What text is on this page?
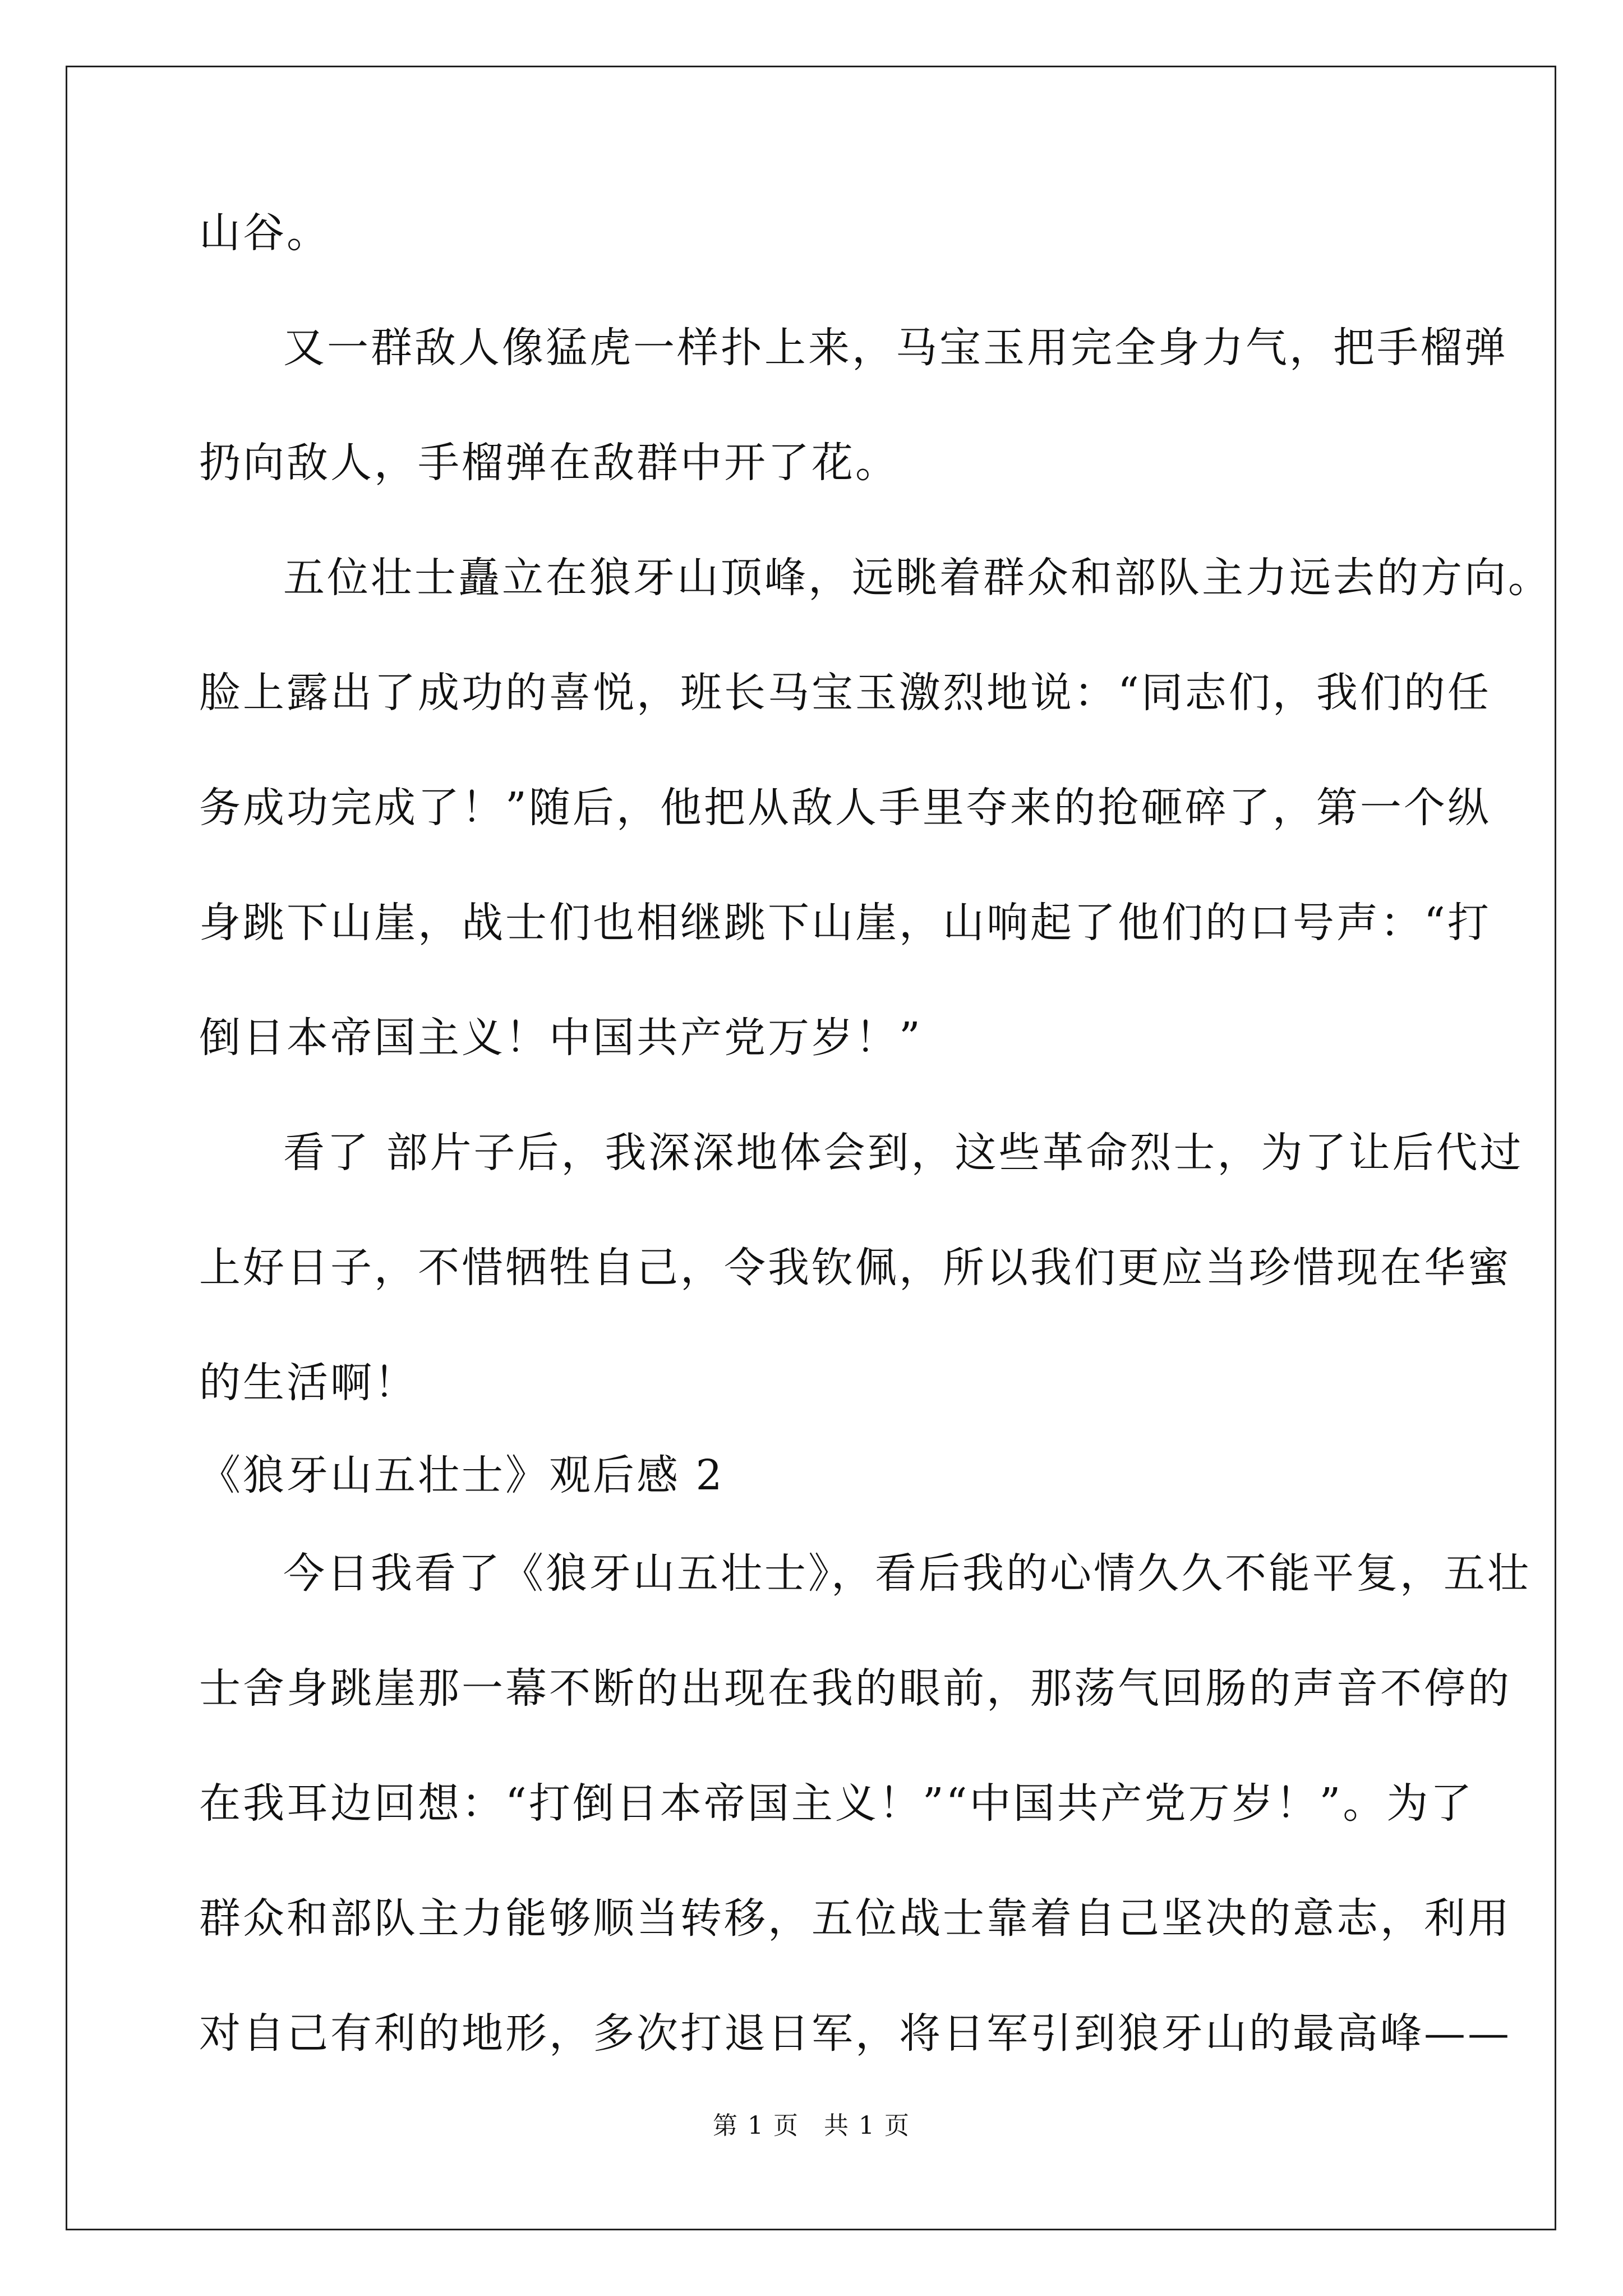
山谷。
又一群敌人像猛虎一样扑上来，马宝玉用完全身力气，把手榴弹
扔向敌人，手榴弹在敌群中开了花。
五位壮士矗立在狼牙山顶峰，远眺着群众和部队主力远去的方向。
脸上露出了成功的喜悦，班长马宝玉激烈地说：“同志们，我们的任
务成功完成了！”随后，他把从敌人手里夺来的抢砸碎了，第一个纵
身跳下山崖，战士们也相继跳下山崖，山响起了他们的口号声：“打
倒日本帝国主义！中国共产党万岁！”
看了 部片子后，我深深地体会到，这些革命烈士，为了让后代过
上好日子，不惜牺牲自己，令我钦佩，所以我们更应当珍惜现在华蜜
的生活啊！
《狼牙山五壮士》观后感 2
今日我看了《狼牙山五壮士》，看后我的心情久久不能平复，五壮
士舍身跳崖那一幕不断的出现在我的眼前，那荡气回肠的声音不停的
在我耳边回想：“打倒日本帝国主义！”“中国共产党万岁！”。为了
群众和部队主力能够顺当转移，五位战士靠着自己坚决的意志，利用
对自己有利的地形，多次打退日军，将日军引到狼牙山的最高峰——
第 1 页 共 1 页
